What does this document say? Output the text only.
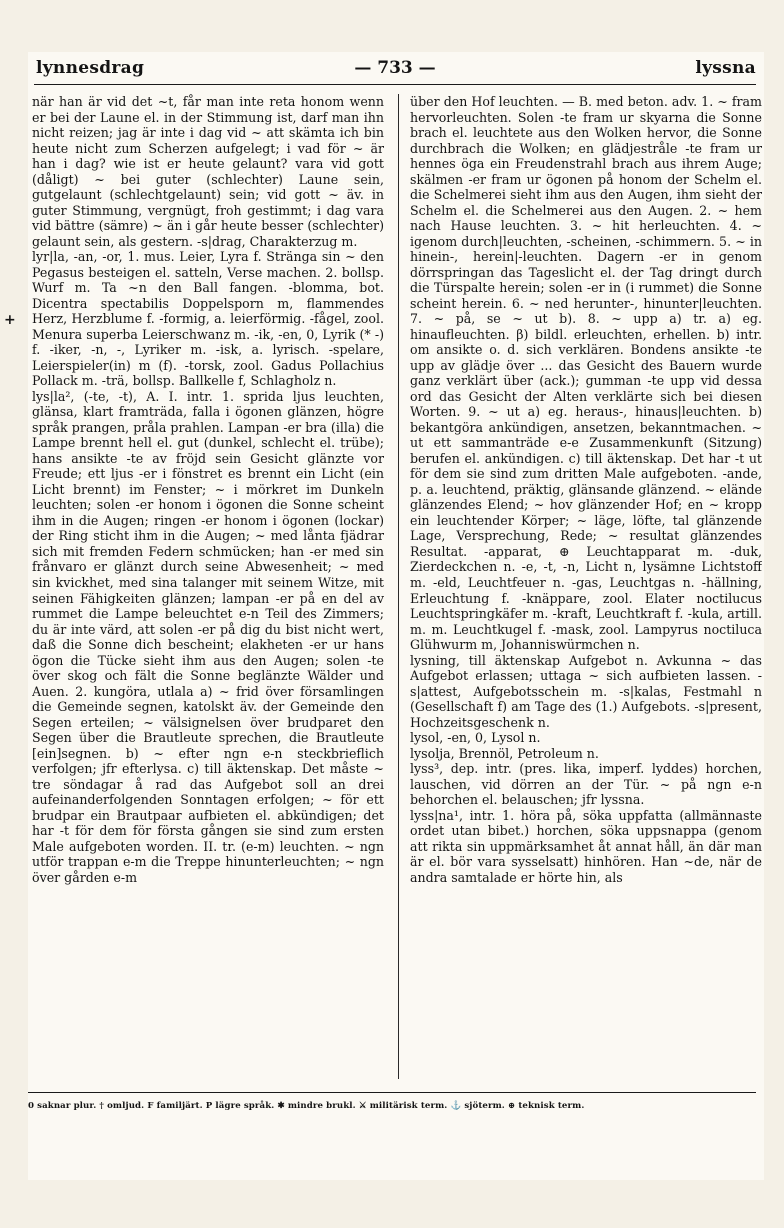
lynnesdrag	— 733 —	lyssna

när han är vid det ~t, får man inte reta honom wenn er bei der Laune el. in der Stimmung ist, darf man ihn nicht reizen; jag är inte i dag vid ~ att skämta ich bin heute nicht zum Scherzen aufgelegt; i vad för ~ är han i dag? wie ist er heute gelaunt? vara vid gott (dåligt) ~ bei guter (schlechter) Laune sein, gutgelaunt (schlechtgelaunt) sein; vid gott ~ äv. in guter Stimmung, vergnügt, froh gestimmt; i dag vara vid bättre (sämre) ~ än i går heute besser (schlechter) gelaunt sein, als gestern. -s|drag, Charakterzug m.

lyr|la, -an, -or, 1. mus. Leier, Lyra f. Stränga sin ~ den Pegasus besteigen el. satteln, Verse machen. 2. bollsp. Wurf m. Ta ~n den Ball fangen. -blomma, bot. Dicentra spectabilis Doppelsporn m, flammendes Herz, Herzblume f. -formig, a. leierförmig. -fågel, zool. Menura superba Leierschwanz m. -ik, -en, 0, Lyrik (* -) f. -iker, -n, -, Lyriker m. -isk, a. lyrisch. -spelare, Leierspieler(in) m (f). -torsk, zool. Gadus Pollachius Pollack m. -trä, bollsp. Ballkelle f, Schlagholz n.

lys|la², (-te, -t), A. I. intr. 1. sprida ljus leuchten, glänsa, klart framträda, falla i ögonen glänzen, högre språk prangen, pråla prahlen. Lampan -er bra (illa) die Lampe brennt hell el. gut (dunkel, schlecht el. trübe); hans ansikte -te av fröjd sein Gesicht glänzte vor Freude; ett ljus -er i fönstret es brennt ein Licht (ein Licht brennt) im Fenster; ~ i mörkret im Dunkeln leuchten; solen -er honom i ögonen die Sonne scheint ihm in die Augen; ringen -er honom i ögonen (lockar) der Ring sticht ihm in die Augen; ~ med lånta fjädrar sich mit fremden Federn schmücken; han -er med sin frånvaro er glänzt durch seine Abwesenheit; ~ med sin kvickhet, med sina talanger mit seinem Witze, mit seinen Fähigkeiten glänzen; lampan -er på en del av rummet die Lampe beleuchtet e-n Teil des Zimmers; du är inte värd, att solen -er på dig du bist nicht wert, daß die Sonne dich bescheint; elakheten -er ur hans ögon die Tücke sieht ihm aus den Augen; solen -te över skog och fält die Sonne beglänzte Wälder und Auen. 2. kungöra, utlala a) ~ frid över församlingen die Gemeinde segnen, katolskt äv. der Gemeinde den Segen erteilen; ~ välsignelsen över brudparet den Segen über die Brautleute sprechen, die Brautleute [ein]segnen. b) ~ efter ngn e-n steckbrieflich verfolgen; jfr efterlysa. c) till äktenskap. Det måste ~ tre söndagar å rad das Aufgebot soll an drei aufeinanderfolgenden Sonntagen erfolgen; ~ för ett brudpar ein Brautpaar aufbieten el. abkündigen; det har -t för dem för första gången sie sind zum ersten Male aufgeboten worden. II. tr. (e-m) leuchten. ~ ngn utför trappan e-m die Treppe hinunterleuchten; ~ ngn över gården e-m

+

über den Hof leuchten. — B. med beton. adv. 1. ~ fram hervorleuchten. Solen -te fram ur skyarna die Sonne brach el. leuchtete aus den Wolken hervor, die Sonne durchbrach die Wolken; en glädjestråle -te fram ur hennes öga ein Freudenstrahl brach aus ihrem Auge; skälmen -er fram ur ögonen på honom der Schelm el. die Schelmerei sieht ihm aus den Augen, ihm sieht der Schelm el. die Schelmerei aus den Augen. 2. ~ hem nach Hause leuchten. 3. ~ hit herleuchten. 4. ~ igenom durch|leuchten, -scheinen, -schimmern. 5. ~ in hinein-, herein|-leuchten. Dagern -er in genom dörrspringan das Tageslicht el. der Tag dringt durch die Türspalte herein; solen -er in (i rummet) die Sonne scheint herein. 6. ~ ned herunter-, hinunter|leuchten. 7. ~ på, se ~ ut b). 8. ~ upp a) tr. a) eg. hinaufleuchten. β) bildl. erleuchten, erhellen. b) intr. om ansikte o. d. sich verklären. Bondens ansikte -te upp av glädje över ... das Gesicht des Bauern wurde ganz verklärt über (ack.); gumman -te upp vid dessa ord das Gesicht der Alten verklärte sich bei diesen Worten. 9. ~ ut a) eg. heraus-, hinaus|leuchten. b) bekantgöra ankündigen, ansetzen, bekanntmachen. ~ ut ett sammanträde e-e Zusammenkunft (Sitzung) berufen el. ankündigen. c) till äktenskap. Det har -t ut för dem sie sind zum dritten Male aufgeboten. -ande, p. a. leuchtend, präktig, glänsande glänzend. ~ elände glänzendes Elend; ~ hov glänzender Hof; en ~ kropp ein leuchtender Körper; ~ läge, löfte, tal glänzende Lage, Versprechung, Rede; ~ resultat glänzendes Resultat. -apparat, ⊕ Leuchtapparat m. -duk, Zierdeckchen n. -e, -t, -n, Licht n, lysämne Lichtstoff m. -eld, Leuchtfeuer n. -gas, Leuchtgas n. -hällning, Erleuchtung f. -knäppare, zool. Elater noctilucus Leuchtspringkäfer m. -kraft, Leuchtkraft f. -kula, artill. m. m. Leuchtkugel f. -mask, zool. Lampyrus noctiluca Glühwurm m, Johanniswürmchen n.

lysning, till äktenskap Aufgebot n. Avkunna ~ das Aufgebot erlassen; uttaga ~ sich aufbieten lassen. -s|attest, Aufgebotsschein m. -s|kalas, Festmahl n (Gesellschaft f) am Tage des (1.) Aufgebots. -s|present, Hochzeitsgeschenk n.

lysol, -en, 0, Lysol n.

lysolja, Brennöl, Petroleum n.

lyss³, dep. intr. (pres. lika, imperf. lyddes) horchen, lauschen, vid dörren an der Tür. ~ på ngn e-n behorchen el. belauschen; jfr lyssna.

lyss|na¹, intr. 1. höra på, söka uppfatta (allmännaste ordet utan bibet.) horchen, söka uppsnappa (genom att rikta sin uppmärksamhet åt annat håll, än där man är el. bör vara sysselsatt) hinhören. Han ~de, när de andra samtalade er hörte hin, als

0 saknar plur. † omljud. F familjärt. P lägre språk. ✱ mindre brukl. ⚔ militärisk term. ⚓ sjöterm. ⊕ teknisk term.
